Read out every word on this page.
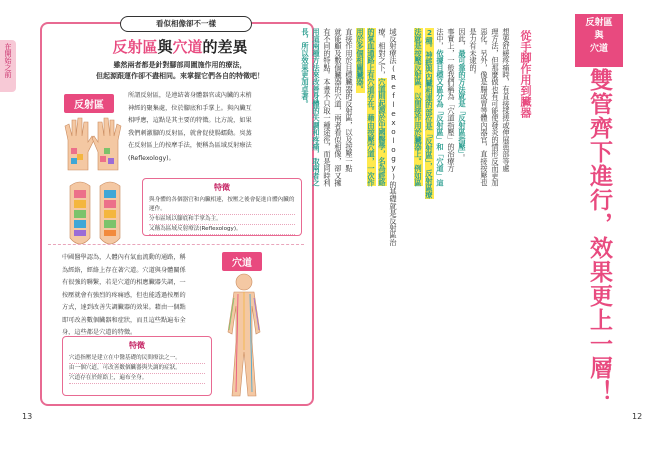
在開始之前
看似相像卻不一樣
反射區與穴道的差異
雖然兩者都是針對腳部周圍施作用的療法，
但起源跟運作卻不盡相同。來掌握它們各自的特徵吧！
反射區
所謂反射區，是連結著身體器官或內臟的末梢
神經的聚集處，位於腳底和手掌上。與內臟互
相呼應，這點是其主要的特徵。比方說，如果
我們刺激腳的反射區，就會促使腸蠕動。臭蒸
在反射區上的按摩手法，便稱為區域反射療法
(Reflexology)。
特徵
與身體的各個器官和內臟相連，按壓之後會促進自體內臟的運作。
分布區域以腳底和手掌為主。
又稱為區域反射療法(Reflexology)。
中國醫學認為，人體內有氣血流動的通路，稱
為經絡，經絡上存在著穴道。穴道與身體關係
有很強的聯繫，若是穴道的相應臟器失調，一
按壓就會有強烈的疼痛感，但也能透過按壓的
方式，達到改善失調臟器的效果。藉由一個點
即可改善數個臟器和症狀，而且這些點遍布全
身，這些都是穴道的特徵。
穴道
特徵
穴道指壓是建立在中醫基礎的民間療法之一。
由一個穴道，可改善數個臟器與失調的症狀。
穴道存在於經絡上，遍布全身。
13
反射區
與
穴道
雙管齊下進行，效果更上一層！
從手腳作用到臟器
想要舒緩疼痛時，有直接揉搓或伸展患部等處
理方法，但那麼做也有可能使發炎的情形反而更加
惡化。另外，像是腸或胃等體內器官，直接按壓也
是力有未逮的。
因此，最可靠的方法就是「反射區指壓」。
事實上，一般我們稱為「穴道指壓」的治療方
法中，依據目標又區分為「反射區」和「穴道」這
2種。神經與內臟相連的部位是「反射區」，反射區療
法就是按壓反射區，以間接作用於臟器上。例如區
域反射療法(Reflexology)的基礎就是反射區治
療。相對之下，穴道則起源於中國醫學，名為經絡
的氣血通路上有穴道存在。藉由按壓穴道，一次作
用於多個相關臟器。
直接作用於目標臟器的反射區，以及按壓一點
就能顧及數個臟器的穴道，兩者看似相像，卻又擁
有不同的特點。本書不只取一種途徑，而是同時利
用這兩種方法來改善身體的失調和疼痛，取兩者之
長，所以效果更加卓著。
12
